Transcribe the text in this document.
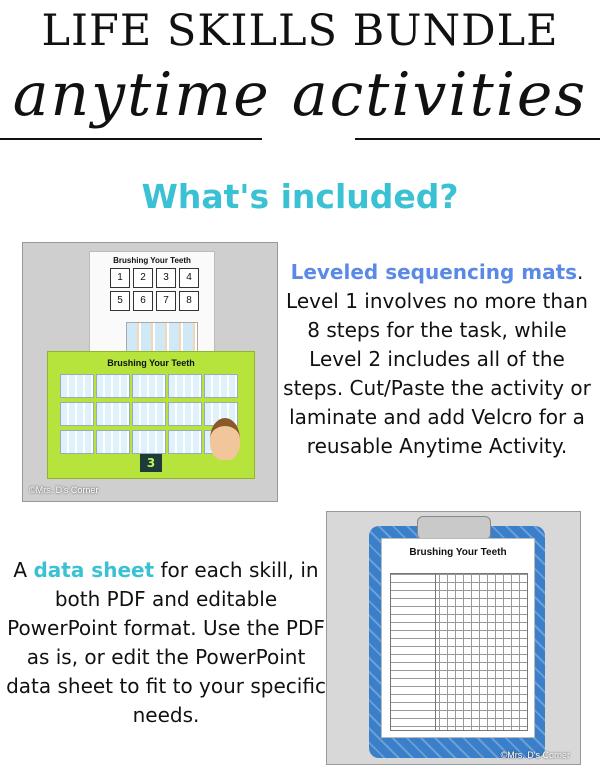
LIFE SKILLS BUNDLE
anytime activities
What's included?
Brushing Your Teeth
1	2	3	4
5	6	7	8
Brushing Your Teeth
3
©Mrs. D's Corner
Leveled sequencing mats. Level 1 involves no more than 8 steps for the task, while Level 2 includes all of the steps. Cut/Paste the activity or laminate and add Velcro for a reusable Anytime Activity.
A data sheet for each skill, in both PDF and editable PowerPoint format. Use the PDF as is, or edit the PowerPoint data sheet to fit to your specific needs.
Brushing Your Teeth
©Mrs. D's Corner
